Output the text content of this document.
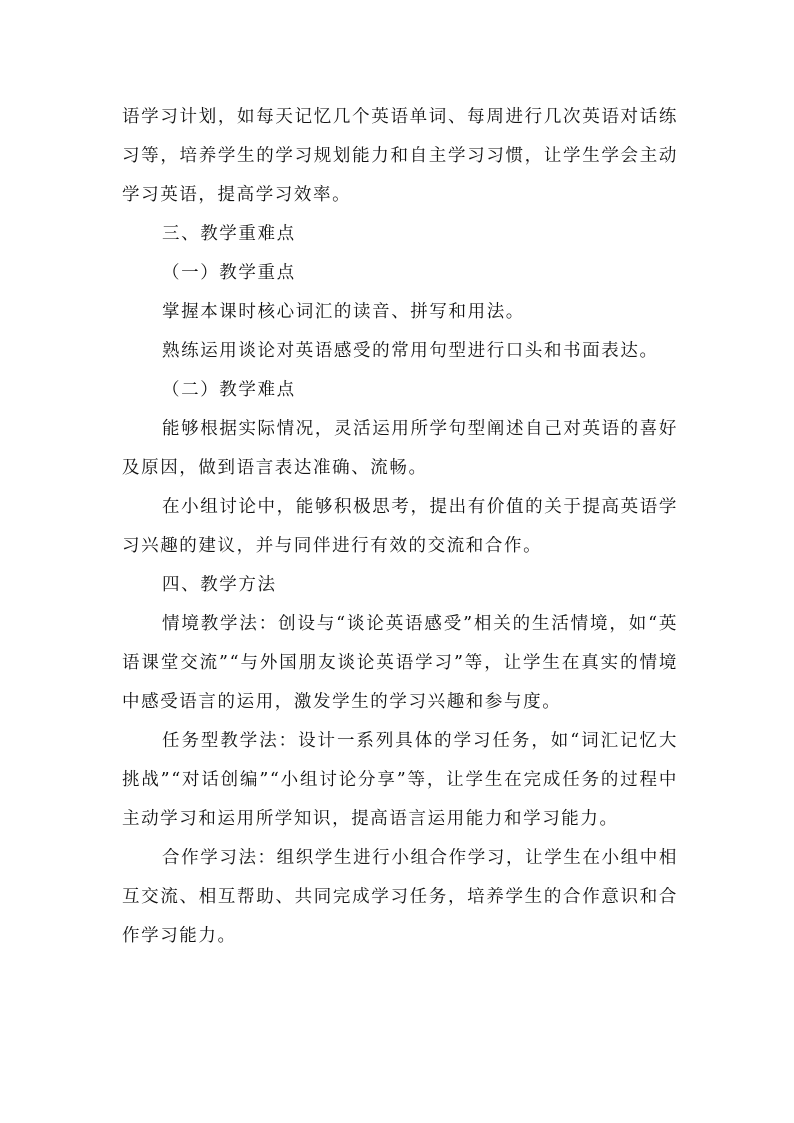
语学习计划，如每天记忆几个英语单词、每周进行几次英语对话练习等，培养学生的学习规划能力和自主学习习惯，让学生学会主动学习英语，提高学习效率。

三、教学重难点

（一）教学重点

掌握本课时核心词汇的读音、拼写和用法。

熟练运用谈论对英语感受的常用句型进行口头和书面表达。

（二）教学难点

能够根据实际情况，灵活运用所学句型阐述自己对英语的喜好及原因，做到语言表达准确、流畅。

在小组讨论中，能够积极思考，提出有价值的关于提高英语学习兴趣的建议，并与同伴进行有效的交流和合作。

四、教学方法

情境教学法：创设与“谈论英语感受”相关的生活情境，如“英语课堂交流”“与外国朋友谈论英语学习”等，让学生在真实的情境中感受语言的运用，激发学生的学习兴趣和参与度。

任务型教学法：设计一系列具体的学习任务，如“词汇记忆大挑战”“对话创编”“小组讨论分享”等，让学生在完成任务的过程中主动学习和运用所学知识，提高语言运用能力和学习能力。

合作学习法：组织学生进行小组合作学习，让学生在小组中相互交流、相互帮助、共同完成学习任务，培养学生的合作意识和合作学习能力。
